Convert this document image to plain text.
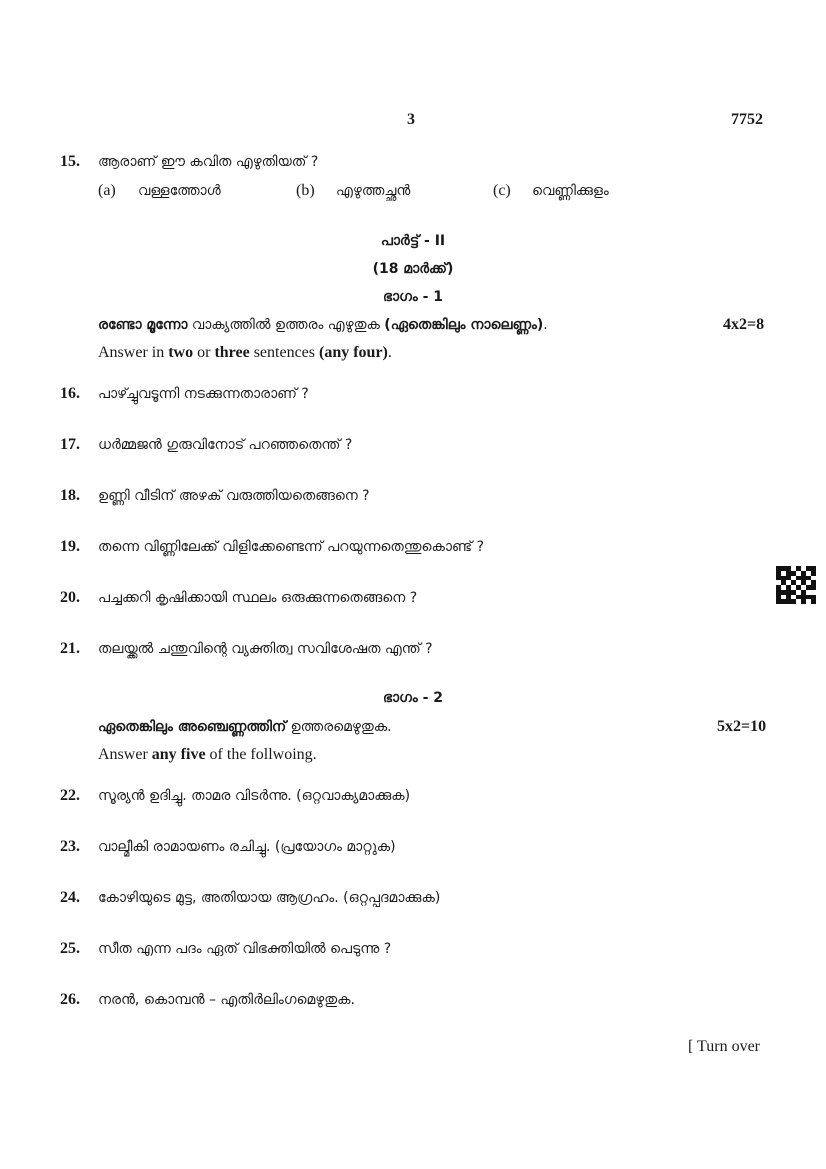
3	7752
15. ആരാണ് ഈ കവിത എഴുതിയത് ?
(a) വള്ളത്തോൾ	(b) എഴുത്തച്ഛൻ	(c) വെണ്ണിക്കുളം
പാർട്ട് - II
(18 മാർക്ക്)
ഭാഗം - 1
രണ്ടോ മൂന്നോ വാക്യത്തിൽ ഉത്തരം എഴുതുക (ഏതെങ്കിലും നാലെണ്ണം).	4x2=8
Answer in two or three sentences (any four).
16. പാഴ്ച്ചുവടൂന്നി നടക്കുന്നതാരാണ് ?
17. ധർമ്മജൻ ഗുരുവിനോട് പറഞ്ഞതെന്ത് ?
18. ഉണ്ണി വീടിന് അഴക് വരുത്തിയതെങ്ങനെ ?
19. തന്നെ വിണ്ണിലേക്ക് വിളിക്കേണ്ടെന്ന് പറയുന്നതെന്തുകൊണ്ട് ?
20. പച്ചക്കറി കൃഷിക്കായി സ്ഥലം ഒരുക്കുന്നതെങ്ങനെ ?
21. തലയ്ക്കൽ ചന്തുവിന്റെ വ്യക്തിത്വ സവിശേഷത എന്ത് ?
ഭാഗം - 2
ഏതെങ്കിലും അഞ്ചെണ്ണത്തിന് ഉത്തരമെഴുതുക.	5x2=10
Answer any five of the follwoing.
22. സൂര്യൻ ഉദിച്ചു. താമര വിടർന്നു. (ഒറ്റവാക്യമാക്കുക)
23. വാല്മീകി രാമായണം രചിച്ചു. (പ്രയോഗം മാറ്റുക)
24. കോഴിയുടെ മുട്ട, അതിയായ ആഗ്രഹം. (ഒറ്റപ്പദമാക്കുക)
25. സീത എന്ന പദം ഏത് വിഭക്തിയിൽ പെടുന്നു ?
26. നരൻ, കൊമ്പൻ – എതിർലിംഗമെഴുതുക.
[ Turn over
